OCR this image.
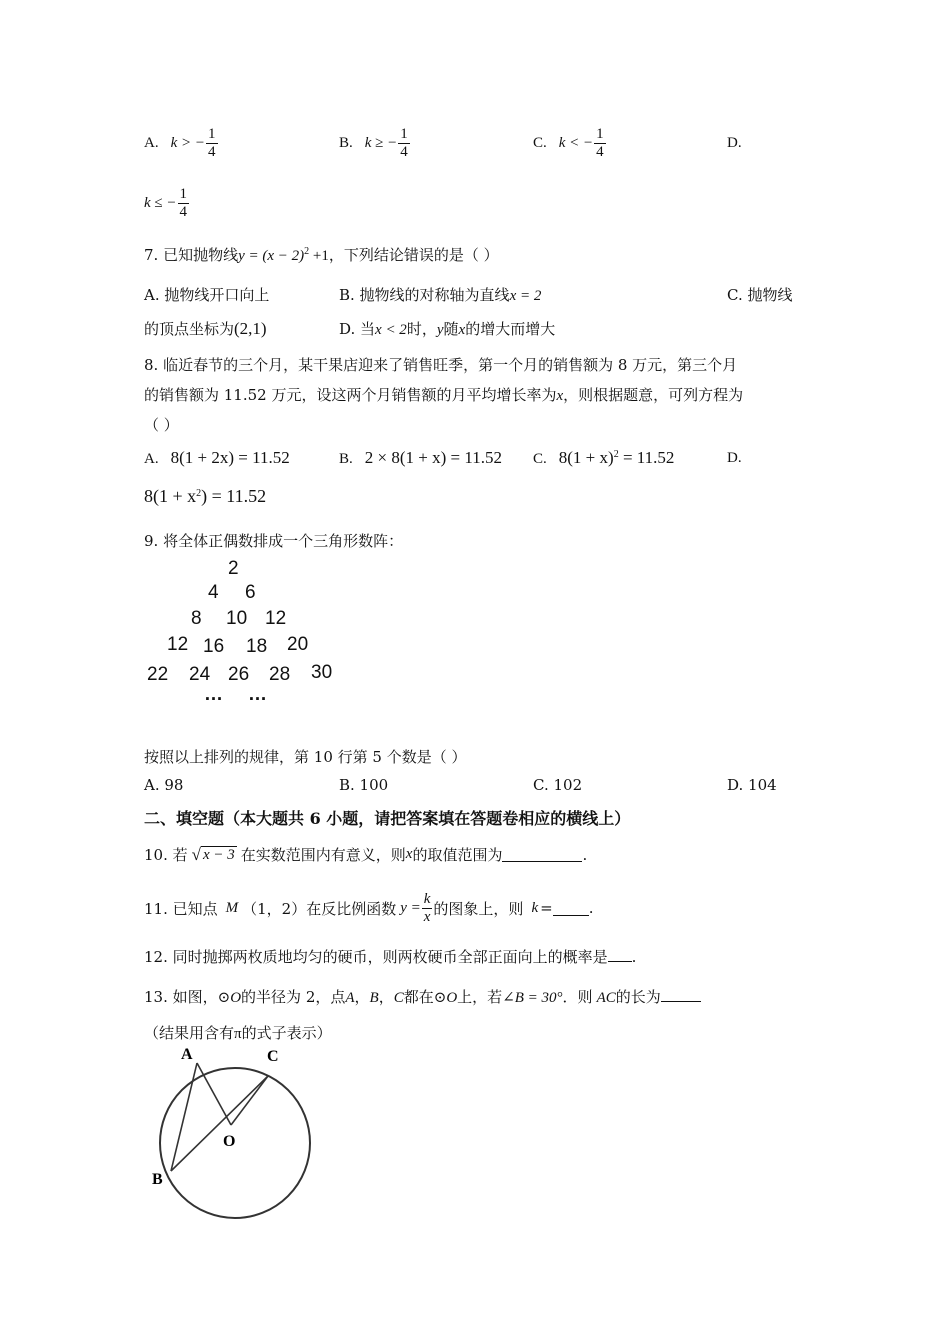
A. k > − $\frac{1}{4}$	B. k ≥ − $\frac{1}{4}$	C. k < − $\frac{1}{4}$	D.
k ≤ − $\frac{1}{4}$
7. 已知抛物线$y = (x - 2)^2 +1$，下列结论错误的是（ ）
A. 抛物线开口向上	B. 抛物线的对称轴为直线x = 2	C. 抛物线
的顶点坐标为(2,1)	D. 当x < 2时，y随x的增大而增大
8. 临近春节的三个月，某干果店迎来了销售旺季，第一个月的销售额为 8 万元，第三个月
的销售额为 11.52 万元，设这两个月销售额的月平均增长率为x，则根据题意，可列方程为
（ ）
A. 8(1 + 2x) = 11.52	B. 2 × 8(1 + x) = 11.52 C. $8(1 + x)^2 = 11.52$	D.
$8(1 + x^2) = 11.52$
9. 将全体正偶数排成一个三角形数阵：
2
4 6
8 10 12
12 16 18 20
22 24 26 28 30
… …
按照以上排列的规律，第 10 行第 5 个数是（ ）
A. 98	B. 100	C. 102	D. 104
二、填空题（本大题共 6 小题，请把答案填在答题卷相应的横线上）
10. 若 √ x − 3 在实数范围内有意义，则 x 的取值范围为	.
11. 已知点 M （1，2）在反比例函数 $y = \frac{k}{x}$ 的图象上，则 k = .
12. 同时抛掷两枚质地均匀的硬币，则两枚硬币全部正面向上的概率是 .
13. 如图，⊙O的半径为 2，点A，B，C都在⊙O上，若∠B = 30°．则 AC的长为
（结果用含有π的式子表示）
A	C
O
B
